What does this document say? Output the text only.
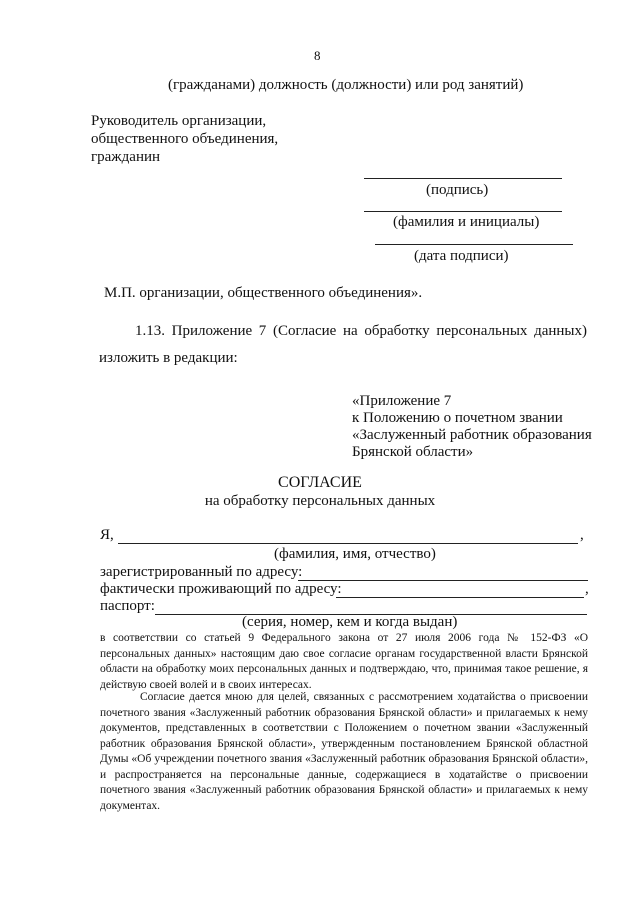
8
(гражданами) должность (должности) или род занятий)
Руководитель организации,
общественного объединения,
гражданин
(подпись)
(фамилия и инициалы)
(дата подписи)
М.П. организации, общественного объединения».
1.13. Приложение 7 (Согласие на обработку персональных данных)
изложить в редакции:
«Приложение 7
к Положению о почетном звании
«Заслуженный работник образования
Брянской области»
СОГЛАСИЕ
на обработку персональных данных
Я,	,
(фамилия, имя, отчество)
зарегистрированный по адресу:
фактически проживающий по адресу:	,
паспорт:
(серия, номер, кем и когда выдан)
в соответствии со статьей 9 Федерального закона от 27 июля 2006 года № 152-ФЗ «О персональных данных» настоящим даю свое согласие органам государственной власти Брянской области на обработку моих персональных данных и подтверждаю, что, принимая такое решение, я действую своей волей и в своих интересах.
Согласие дается мною для целей, связанных с рассмотрением ходатайства о присвоении почетного звания «Заслуженный работник образования Брянской области» и прилагаемых к нему документов, представленных в соответствии с Положением о почетном звании «Заслуженный работник образования Брянской области», утвержденным постановлением Брянской областной Думы «Об учреждении почетного звания «Заслуженный работник образования Брянской области», и распространяется на персональные данные, содержащиеся в ходатайстве о присвоении почетного звания «Заслуженный работник образования Брянской области» и прилагаемых к нему документах.
